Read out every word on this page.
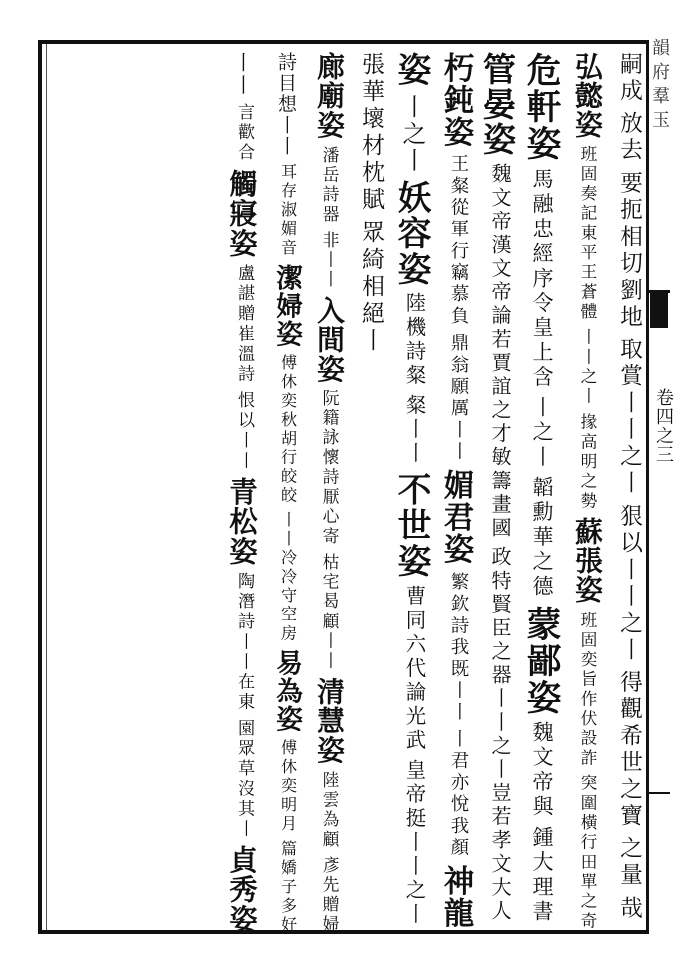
韻府羣玉
卷四之三
嗣成
放去
要扼相切劉地
取賞丨丨之丨
狠以丨丨之丨
得觀希世之寶
之量
哉
弘懿姿
班固奏記東平王蒼體
丨丨之丨
掾高明之勢
蘇張姿
班固奕旨作伏設詐
突圍橫行田單之奇
危軒姿
馬融忠經序令皇上含
丨之丨
韜勳華之德
蒙鄙姿
魏文帝與
鍾大理書
管晏姿
魏文帝漢文帝論若賈誼之才敏籌畫國
政特賢臣之器丨丨之丨豈若孝文大人
朽鈍姿
王粲從軍行竊慕負
鼎翁願厲丨丨
媚君姿
繁欽詩我既丨丨
丨君亦悅我顏
神龍
姿
丨之丨
妖容姿
陸機詩粲
粲丨丨
不世姿
曹同六代論光武
皇帝挺丨丨之丨
張華壞材枕賦
眾綺相絕丨
廊廟姿
潘岳詩器
非丨丨
入間姿
阮籍詠懷詩厭心寄
枯宅曷顧丨丨
清慧姿
陸雲為顧
彥先贈婦
詩目想丨丨
耳存淑媚音
潔婦姿
傅休奕秋胡行皎皎
丨丨冷冷守空房
易為姿
傅休奕明月
篇嬌子多好
丨丨
言歡合
觸寢姿
盧諶贈崔溫詩
恨以丨丨
青松姿
陶潛詩丨丨在東
園眾草沒其丨
貞秀姿
